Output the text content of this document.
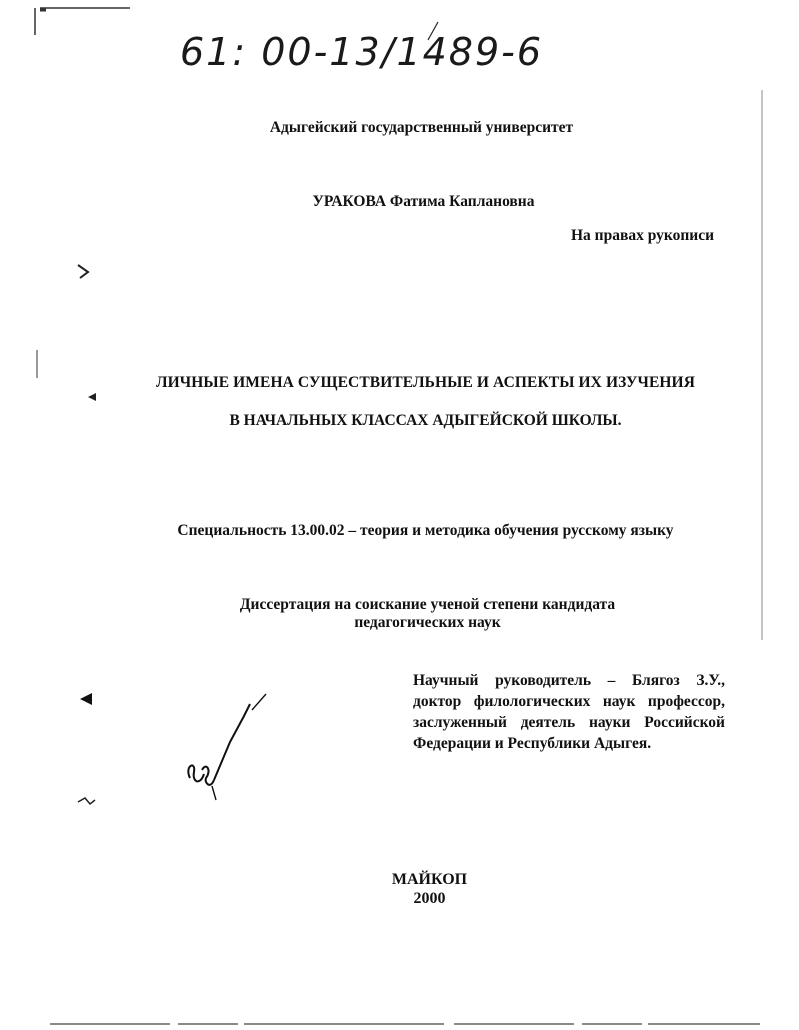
61: 00-13/1489-6
Адыгейский государственный университет
УРАКОВА Фатима Каплановна
На правах рукописи
ЛИЧНЫЕ ИМЕНА СУЩЕСТВИТЕЛЬНЫЕ И АСПЕКТЫ ИХ ИЗУЧЕНИЯ
В НАЧАЛЬНЫХ КЛАССАХ АДЫГЕЙСКОЙ ШКОЛЫ.
Специальность 13.00.02 – теория и методика обучения русскому языку
Диссертация на соискание ученой степени кандидата
педагогических наук
Научный руководитель – Блягоз З.У.,
доктор филологических наук профессор,
заслуженный деятель науки Российской
Федерации и Республики Адыгея.
МАЙКОП
2000
